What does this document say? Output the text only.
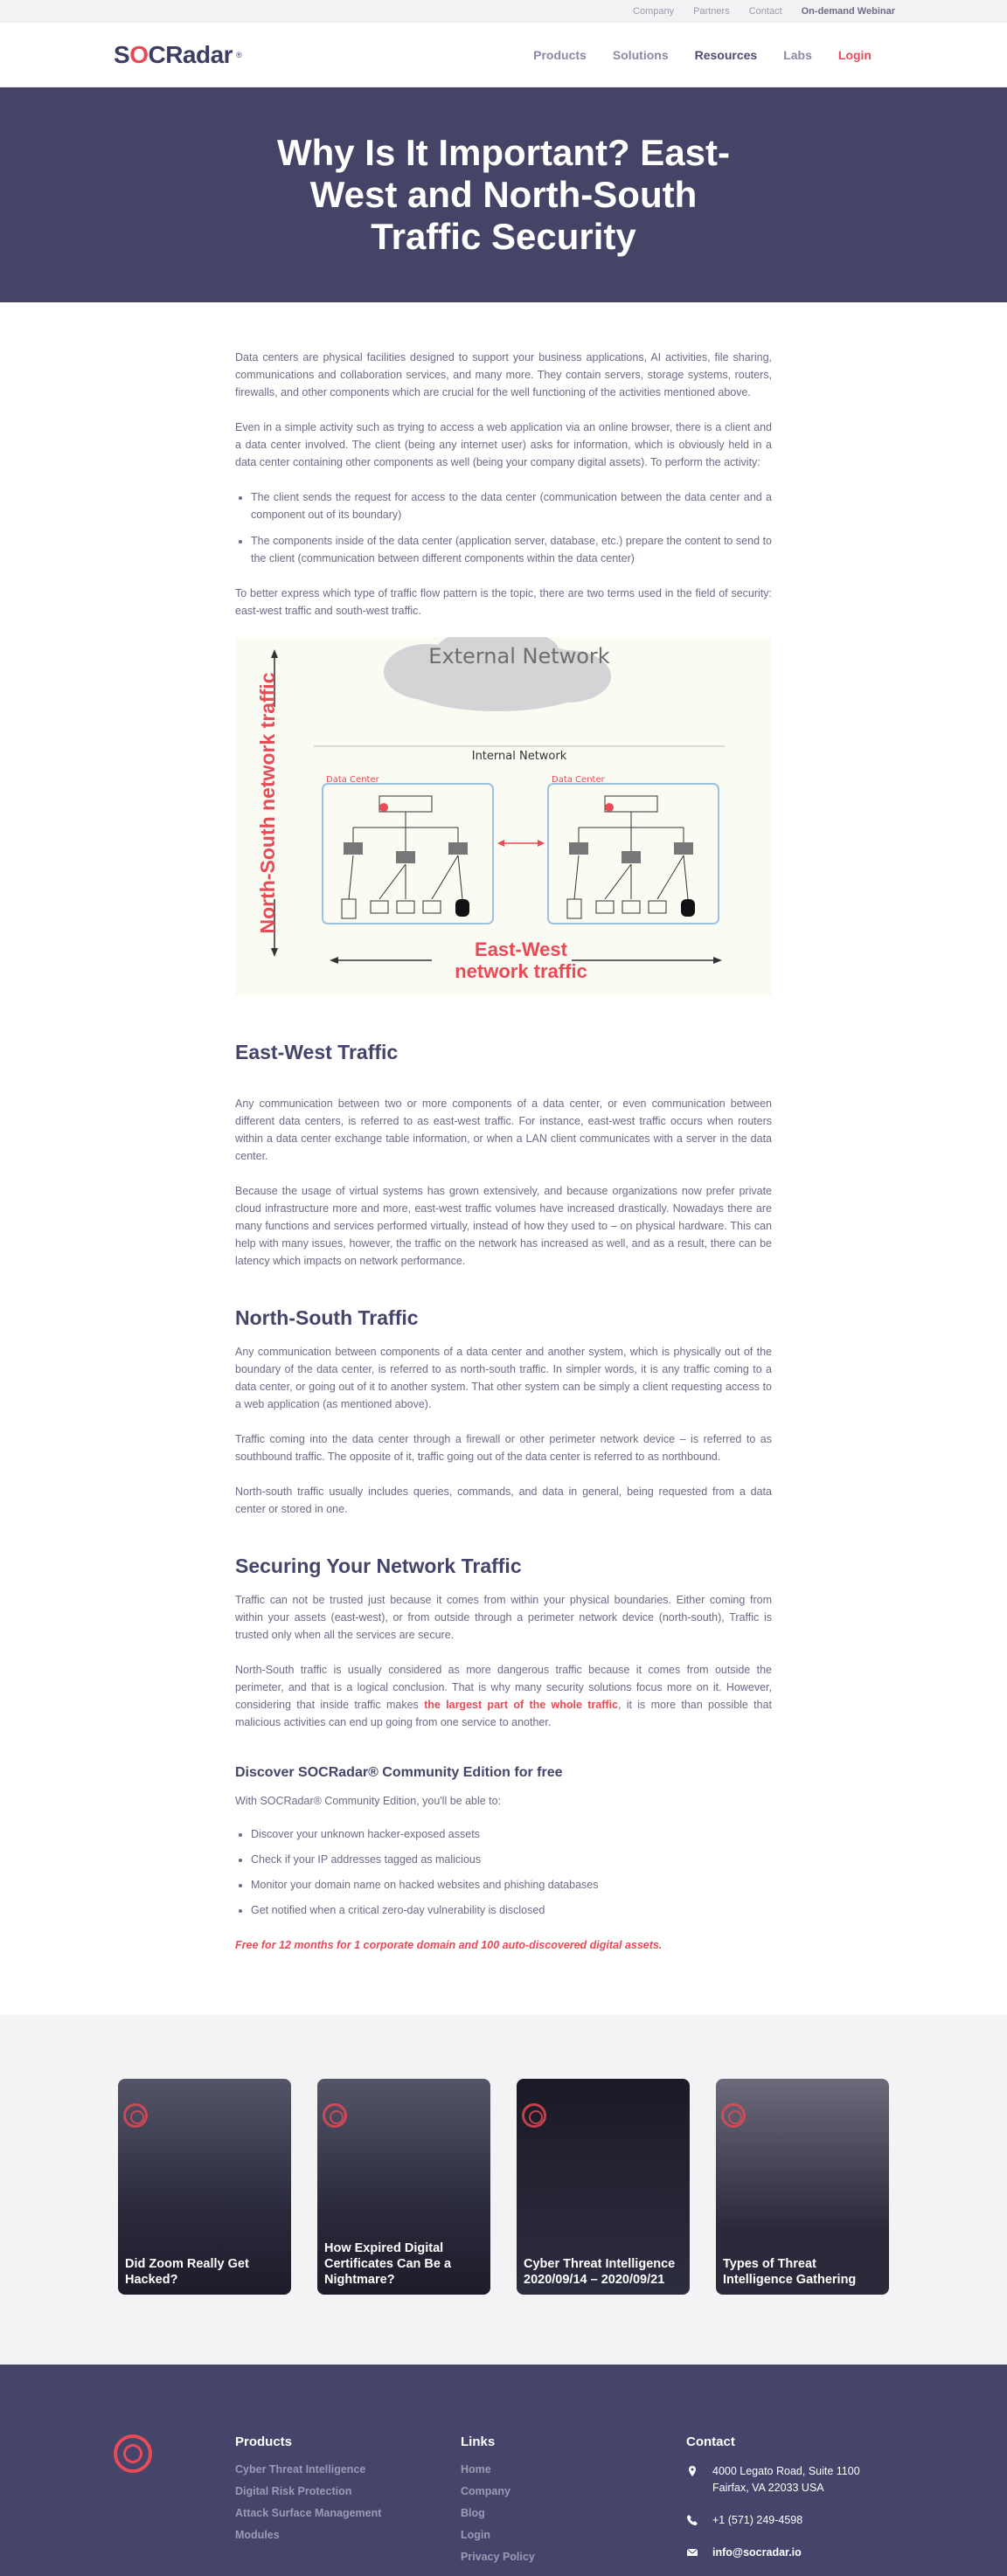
Company Partners Contact On-demand Webinar
SOCRadar ®	Products Solutions Resources Labs Login
Why Is It Important? East-West and North-South Traffic Security

Data centers are physical facilities designed to support your business applications, AI activities, file sharing, communications and collaboration services, and many more. They contain servers, storage systems, routers, firewalls, and other components which are crucial for the well functioning of the activities mentioned above.

Even in a simple activity such as trying to access a web application via an online browser, there is a client and a data center involved. The client (being any internet user) asks for information, which is obviously held in a data center containing other components as well (being your company digital assets). To perform the activity:

• The client sends the request for access to the data center (communication between the data center and a component out of its boundary)
• The components inside of the data center (application server, database, etc.) prepare the content to send to the client (communication between different components within the data center)

To better express which type of traffic flow pattern is the topic, there are two terms used in the field of security: east-west traffic and south-west traffic.

External Network
Internal Network
North-South network traffic	Data Center	Data Center
East-West
network traffic
East-West Traffic

Any communication between two or more components of a data center, or even communication between different data centers, is referred to as east-west traffic. For instance, east-west traffic occurs when routers within a data center exchange table information, or when a LAN client communicates with a server in the data center.

Because the usage of virtual systems has grown extensively, and because organizations now prefer private cloud infrastructure more and more, east-west traffic volumes have increased drastically. Nowadays there are many functions and services performed virtually, instead of how they used to – on physical hardware. This can help with many issues, however, the traffic on the network has increased as well, and as a result, there can be latency which impacts on network performance.

North-South Traffic

Any communication between components of a data center and another system, which is physically out of the boundary of the data center, is referred to as north-south traffic. In simpler words, it is any traffic coming to a data center, or going out of it to another system. That other system can be simply a client requesting access to a web application (as mentioned above).

Traffic coming into the data center through a firewall or other perimeter network device – is referred to as southbound traffic. The opposite of it, traffic going out of the data center is referred to as northbound.

North-south traffic usually includes queries, commands, and data in general, being requested from a data center or stored in one.

Securing Your Network Traffic

Traffic can not be trusted just because it comes from within your physical boundaries. Either coming from within your assets (east-west), or from outside through a perimeter network device (north-south), Traffic is trusted only when all the services are secure.

North-South traffic is usually considered as more dangerous traffic because it comes from outside the perimeter, and that is a logical conclusion. That is why many security solutions focus more on it. However, considering that inside traffic makes the largest part of the whole traffic, it is more than possible that malicious activities can end up going from one service to another.

Discover SOCRadar® Community Edition for free

With SOCRadar® Community Edition, you'll be able to:

• Discover your unknown hacker-exposed assets
• Check if your IP addresses tagged as malicious
• Monitor your domain name on hacked websites and phishing databases
• Get notified when a critical zero-day vulnerability is disclosed

Free for 12 months for 1 corporate domain and 100 auto-discovered digital assets.

Did Zoom Really Get Hacked?
How Expired Digital Certificates Can Be a Nightmare?
Cyber Threat Intelligence 2020/09/14 – 2020/09/21
Types of Threat Intelligence Gathering
Products
Cyber Threat Intelligence
Digital Risk Protection
Attack Surface Management
Modules
Links
Home
Company
Blog
Login
Privacy Policy
Contact
4000 Legato Road, Suite 1100
Fairfax, VA 22033 USA
+1 (571) 249-4598
info@socradar.io
